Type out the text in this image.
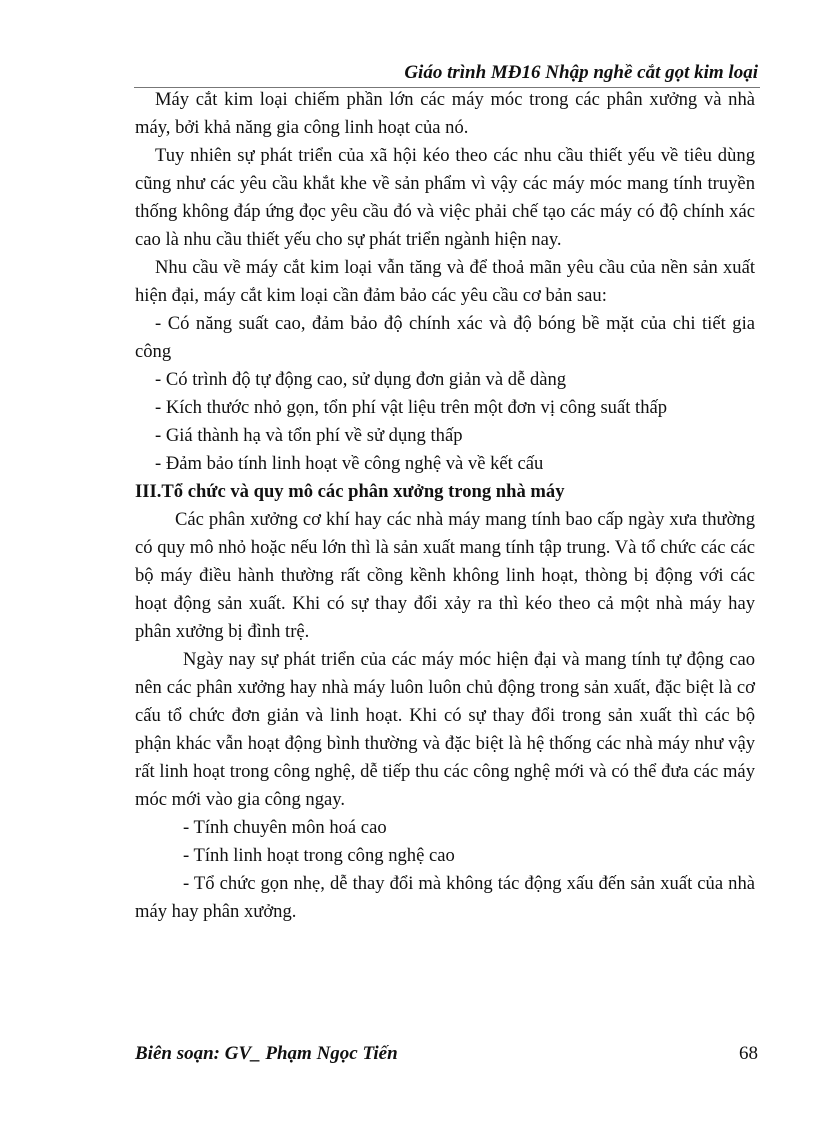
Giáo trình MĐ16 Nhập nghề cắt gọt kim loại

Máy cắt kim loại chiếm phần lớn các máy móc trong các phân xưởng và nhà máy, bởi khả năng gia công linh hoạt của nó.

Tuy nhiên sự phát triển của xã hội kéo theo các nhu cầu thiết yếu về tiêu dùng cũng như các yêu cầu khắt khe về sản phẩm vì vậy các máy móc mang tính truyền thống không đáp ứng đọc yêu cầu đó và việc phải chế tạo các máy có độ chính xác cao là nhu cầu thiết yếu cho sự phát triển ngành hiện nay.

Nhu cầu về máy cắt kim loại vẫn tăng và để thoả mãn yêu cầu của nền sản xuất hiện đại, máy cắt kim loại cần đảm bảo các yêu cầu cơ bản sau:

- Có năng suất cao, đảm bảo độ chính xác và độ bóng bề mặt của chi tiết gia công

- Có trình độ tự động cao, sử dụng đơn giản và dễ dàng

- Kích thước nhỏ gọn, tổn phí vật liệu trên một đơn vị công suất thấp

- Giá thành hạ và tổn phí về sử dụng thấp

- Đảm bảo tính linh hoạt về công nghệ và về kết cấu

III.Tổ chức và quy mô các phân xưởng trong nhà máy

Các phân xưởng cơ khí hay các nhà máy mang tính bao cấp ngày xưa thường có quy mô nhỏ hoặc nếu lớn thì là sản xuất mang tính tập trung. Và tổ chức các các bộ máy điều hành thường rất cồng kềnh không linh hoạt, thòng bị động với các hoạt động sản xuất. Khi có sự thay đổi xảy ra thì kéo theo cả một nhà máy hay phân xưởng bị đình trệ.

Ngày nay sự phát triển của các máy móc hiện đại và mang tính tự động cao nên các phân xưởng hay nhà máy luôn luôn chủ động trong sản xuất, đặc biệt là cơ cấu tổ chức đơn giản và linh hoạt. Khi có sự thay đổi trong sản xuất thì các bộ phận khác vẫn hoạt động bình thường và đặc biệt là hệ thống các nhà máy như vậy rất linh hoạt trong công nghệ, dễ tiếp thu các công nghệ mới và có thể đưa các máy móc mới vào gia công ngay.

- Tính chuyên môn hoá cao

- Tính linh hoạt trong công nghệ cao

- Tổ chức gọn nhẹ, dễ thay đổi mà không tác động xấu đến sản xuất của nhà máy hay phân xưởng.

Biên soạn: GV_ Phạm Ngọc Tiến	68
